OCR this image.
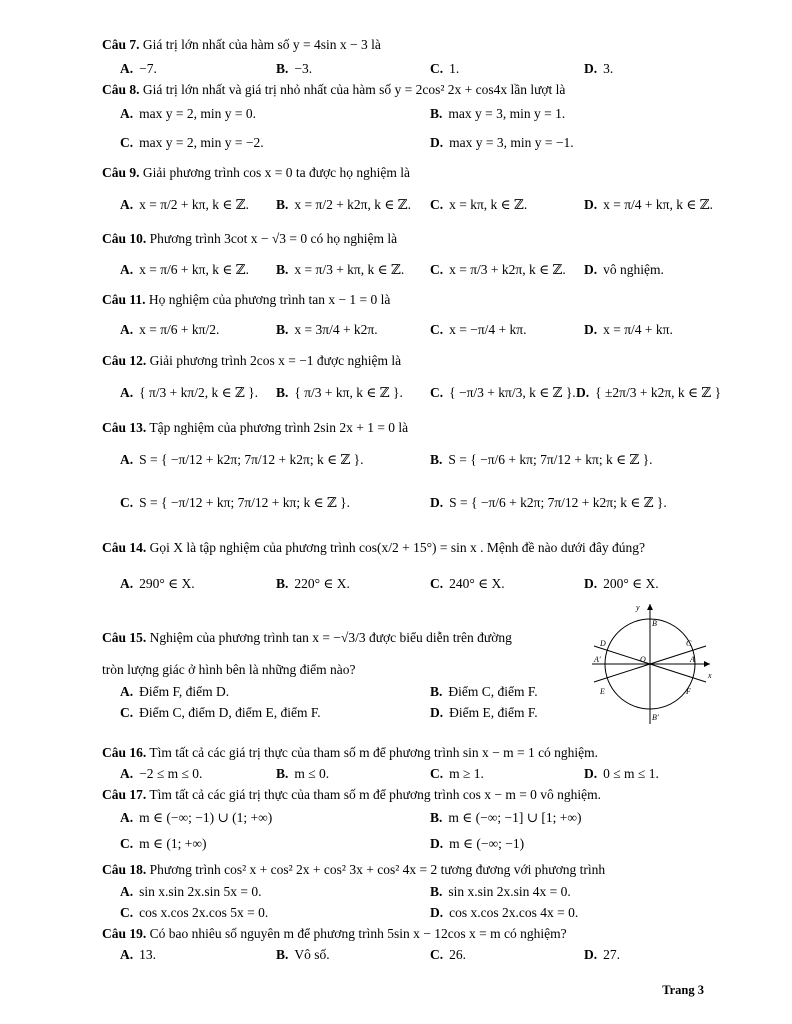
Câu 7. Giá trị lớn nhất của hàm số y = 4sin x − 3 là
A. −7.	B. −3.	C. 1.	D. 3.
Câu 8. Giá trị lớn nhất và giá trị nhỏ nhất của hàm số y = 2cos² 2x + cos4x lần lượt là
A. max y = 2, min y = 0.	B. max y = 3, min y = 1.
C. max y = 2, min y = −2.	D. max y = 3, min y = −1.
Câu 9. Giải phương trình cos x = 0 ta được họ nghiệm là
A. x = π/2 + kπ, k ∈ ℤ. B. x = π/2 + k2π, k ∈ ℤ. C. x = kπ, k ∈ ℤ.	D. x = π/4 + kπ, k ∈ ℤ.
Câu 10. Phương trình 3cot x − √3 = 0 có họ nghiệm là
A. x = π/6 + kπ, k ∈ ℤ. B. x = π/3 + kπ, k ∈ ℤ. C. x = π/3 + k2π, k ∈ ℤ. D. vô nghiệm.
Câu 11. Họ nghiệm của phương trình tan x − 1 = 0 là
A. x = π/6 + kπ/2.	B. x = 3π/4 + k2π.	C. x = −π/4 + kπ.	D. x = π/4 + kπ.
Câu 12. Giải phương trình 2cos x = −1 được nghiệm là
A. { π/3 + kπ/2, k ∈ ℤ }. B. { π/3 + kπ, k ∈ ℤ }. C. { −π/3 + kπ/3, k ∈ ℤ }. D. { ±2π/3 + k2π, k ∈ ℤ }
Câu 13. Tập nghiệm của phương trình 2sin 2x + 1 = 0 là
A. S = { −π/12 + k2π; 7π/12 + k2π; k ∈ ℤ }.	B. S = { −π/6 + kπ; 7π/12 + kπ; k ∈ ℤ }.
C. S = { −π/12 + kπ; 7π/12 + kπ; k ∈ ℤ }.	D. S = { −π/6 + k2π; 7π/12 + k2π; k ∈ ℤ }.
Câu 14. Gọi X là tập nghiệm của phương trình cos(x/2 + 15°) = sin x . Mệnh đề nào dưới đây đúng?
A. 290° ∈ X.	B. 220° ∈ X.	C. 240° ∈ X.	D. 200° ∈ X.
Câu 15. Nghiệm của phương trình tan x = −√3/3 được biểu diễn trên đường
tròn lượng giác ở hình bên là những điểm nào?
A. Điểm F, điểm D.	B. Điểm C, điểm F.
C. Điểm C, điểm D, điểm E, điểm F.	D. Điểm E, điểm F.
y
x
B
B′
A
A′	O
C
D
E	F
Câu 16. Tìm tất cả các giá trị thực của tham số m để phương trình sin x − m = 1 có nghiệm.
A. −2 ≤ m ≤ 0.	B. m ≤ 0.	C. m ≥ 1.	D. 0 ≤ m ≤ 1.
Câu 17. Tìm tất cả các giá trị thực của tham số m để phương trình cos x − m = 0 vô nghiệm.
A. m ∈ (−∞; −1) ∪ (1; +∞)	B. m ∈ (−∞; −1] ∪ [1; +∞)
C. m ∈ (1; +∞)	D. m ∈ (−∞; −1)
Câu 18. Phương trình cos² x + cos² 2x + cos² 3x + cos² 4x = 2 tương đương với phương trình
A. sin x.sin 2x.sin 5x = 0.	B. sin x.sin 2x.sin 4x = 0.
C. cos x.cos 2x.cos 5x = 0.	D. cos x.cos 2x.cos 4x = 0.
Câu 19. Có bao nhiêu số nguyên m để phương trình 5sin x − 12cos x = m có nghiệm?
A. 13.	B. Vô số.	C. 26.	D. 27.
Trang 3
